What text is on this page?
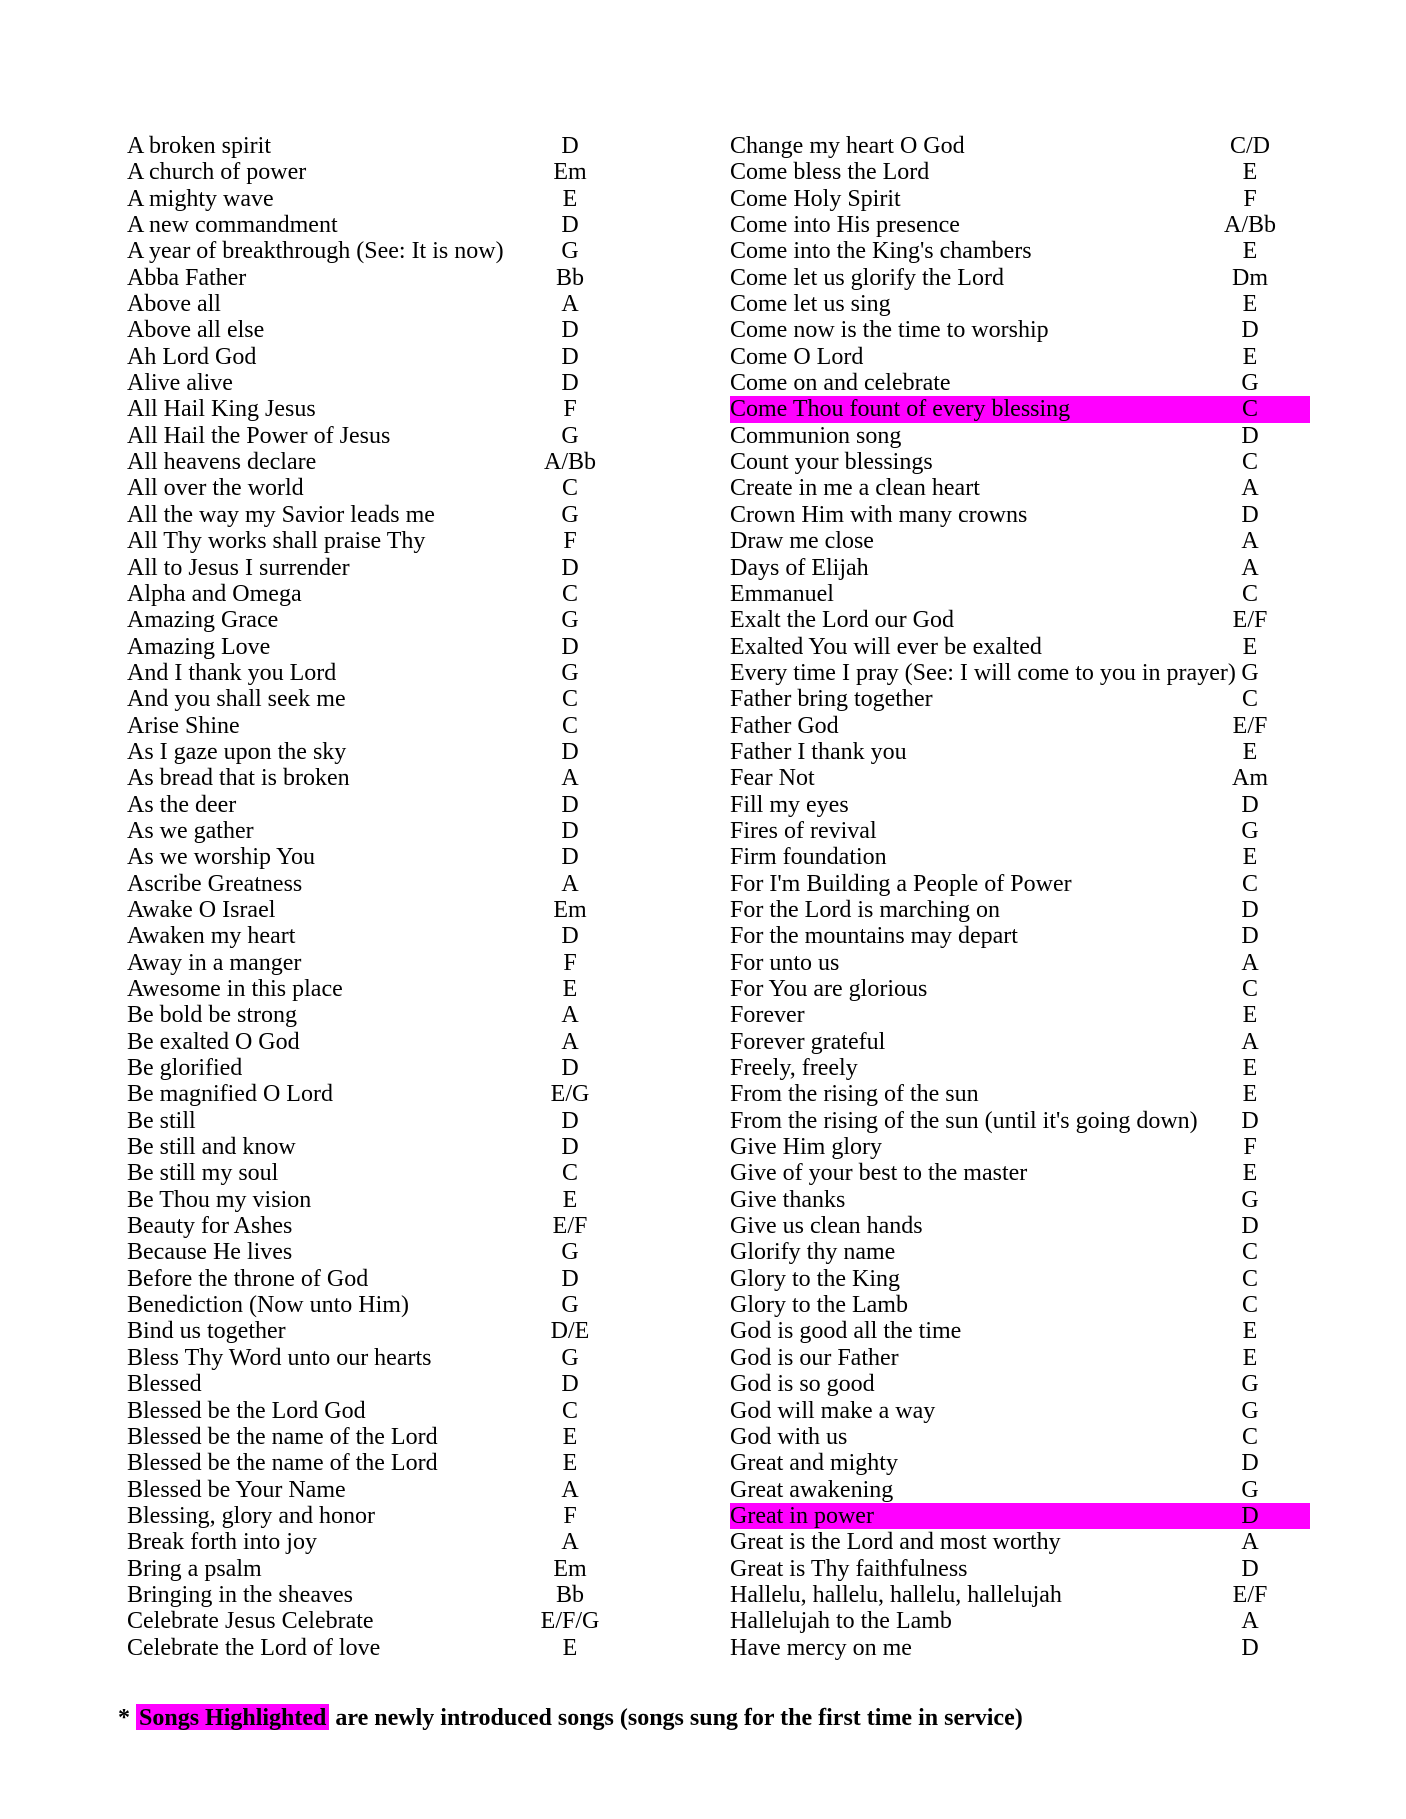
A broken spirit	D
A church of power	Em
A mighty wave	E
A new commandment	D
A year of breakthrough (See: It is now)	G
Abba Father	Bb
Above all	A
Above all else	D
Ah Lord God	D
Alive alive	D
All Hail King Jesus	F
All Hail the Power of Jesus	G
All heavens declare	A/Bb
All over the world	C
All the way my Savior leads me	G
All Thy works shall praise Thy	F
All to Jesus I surrender	D
Alpha and Omega	C
Amazing Grace	G
Amazing Love	D
And I thank you Lord	G
And you shall seek me	C
Arise Shine	C
As I gaze upon the sky	D
As bread that is broken	A
As the deer	D
As we gather	D
As we worship You	D
Ascribe Greatness	A
Awake O Israel	Em
Awaken my heart	D
Away in a manger	F
Awesome in this place	E
Be bold be strong	A
Be exalted O God	A
Be glorified	D
Be magnified O Lord	E/G
Be still	D
Be still and know	D
Be still my soul	C
Be Thou my vision	E
Beauty for Ashes	E/F
Because He lives	G
Before the throne of God	D
Benediction (Now unto Him)	G
Bind us together	D/E
Bless Thy Word unto our hearts	G
Blessed	D
Blessed be the Lord God	C
Blessed be the name of the Lord	E
Blessed be the name of the Lord	E
Blessed be Your Name	A
Blessing, glory and honor	F
Break forth into joy	A
Bring a psalm	Em
Bringing in the sheaves	Bb
Celebrate Jesus Celebrate	E/F/G
Celebrate the Lord of love	E
Change my heart O God	C/D
Come bless the Lord	E
Come Holy Spirit	F
Come into His presence	A/Bb
Come into the King's chambers	E
Come let us glorify the Lord	Dm
Come let us sing	E
Come now is the time to worship	D
Come O Lord	E
Come on and celebrate	G
Come Thou fount of every blessing	C
Communion song	D
Count your blessings	C
Create in me a clean heart	A
Crown Him with many crowns	D
Draw me close	A
Days of Elijah	A
Emmanuel	C
Exalt the Lord our God	E/F
Exalted You will ever be exalted	E
Every time I pray (See: I will come to you in prayer) G
Father bring together	C
Father God	E/F
Father I thank you	E
Fear Not	Am
Fill my eyes	D
Fires of revival	G
Firm foundation	E
For I'm Building a People of Power	C
For the Lord is marching on	D
For the mountains may depart	D
For unto us	A
For You are glorious	C
Forever	E
Forever grateful	A
Freely, freely	E
From the rising of the sun	E
From the rising of the sun (until it's going down)	D
Give Him glory	F
Give of your best to the master	E
Give thanks	G
Give us clean hands	D
Glorify thy name	C
Glory to the King	C
Glory to the Lamb	C
God is good all the time	E
God is our Father	E
God is so good	G
God will make a way	G
God with us	C
Great and mighty	D
Great awakening	G
Great in power	D
Great is the Lord and most worthy	A
Great is Thy faithfulness	D
Hallelu, hallelu, hallelu, hallelujah	E/F
Hallelujah to the Lamb	A
Have mercy on me	D
* Songs Highlighted are newly introduced songs (songs sung for the first time in service)
